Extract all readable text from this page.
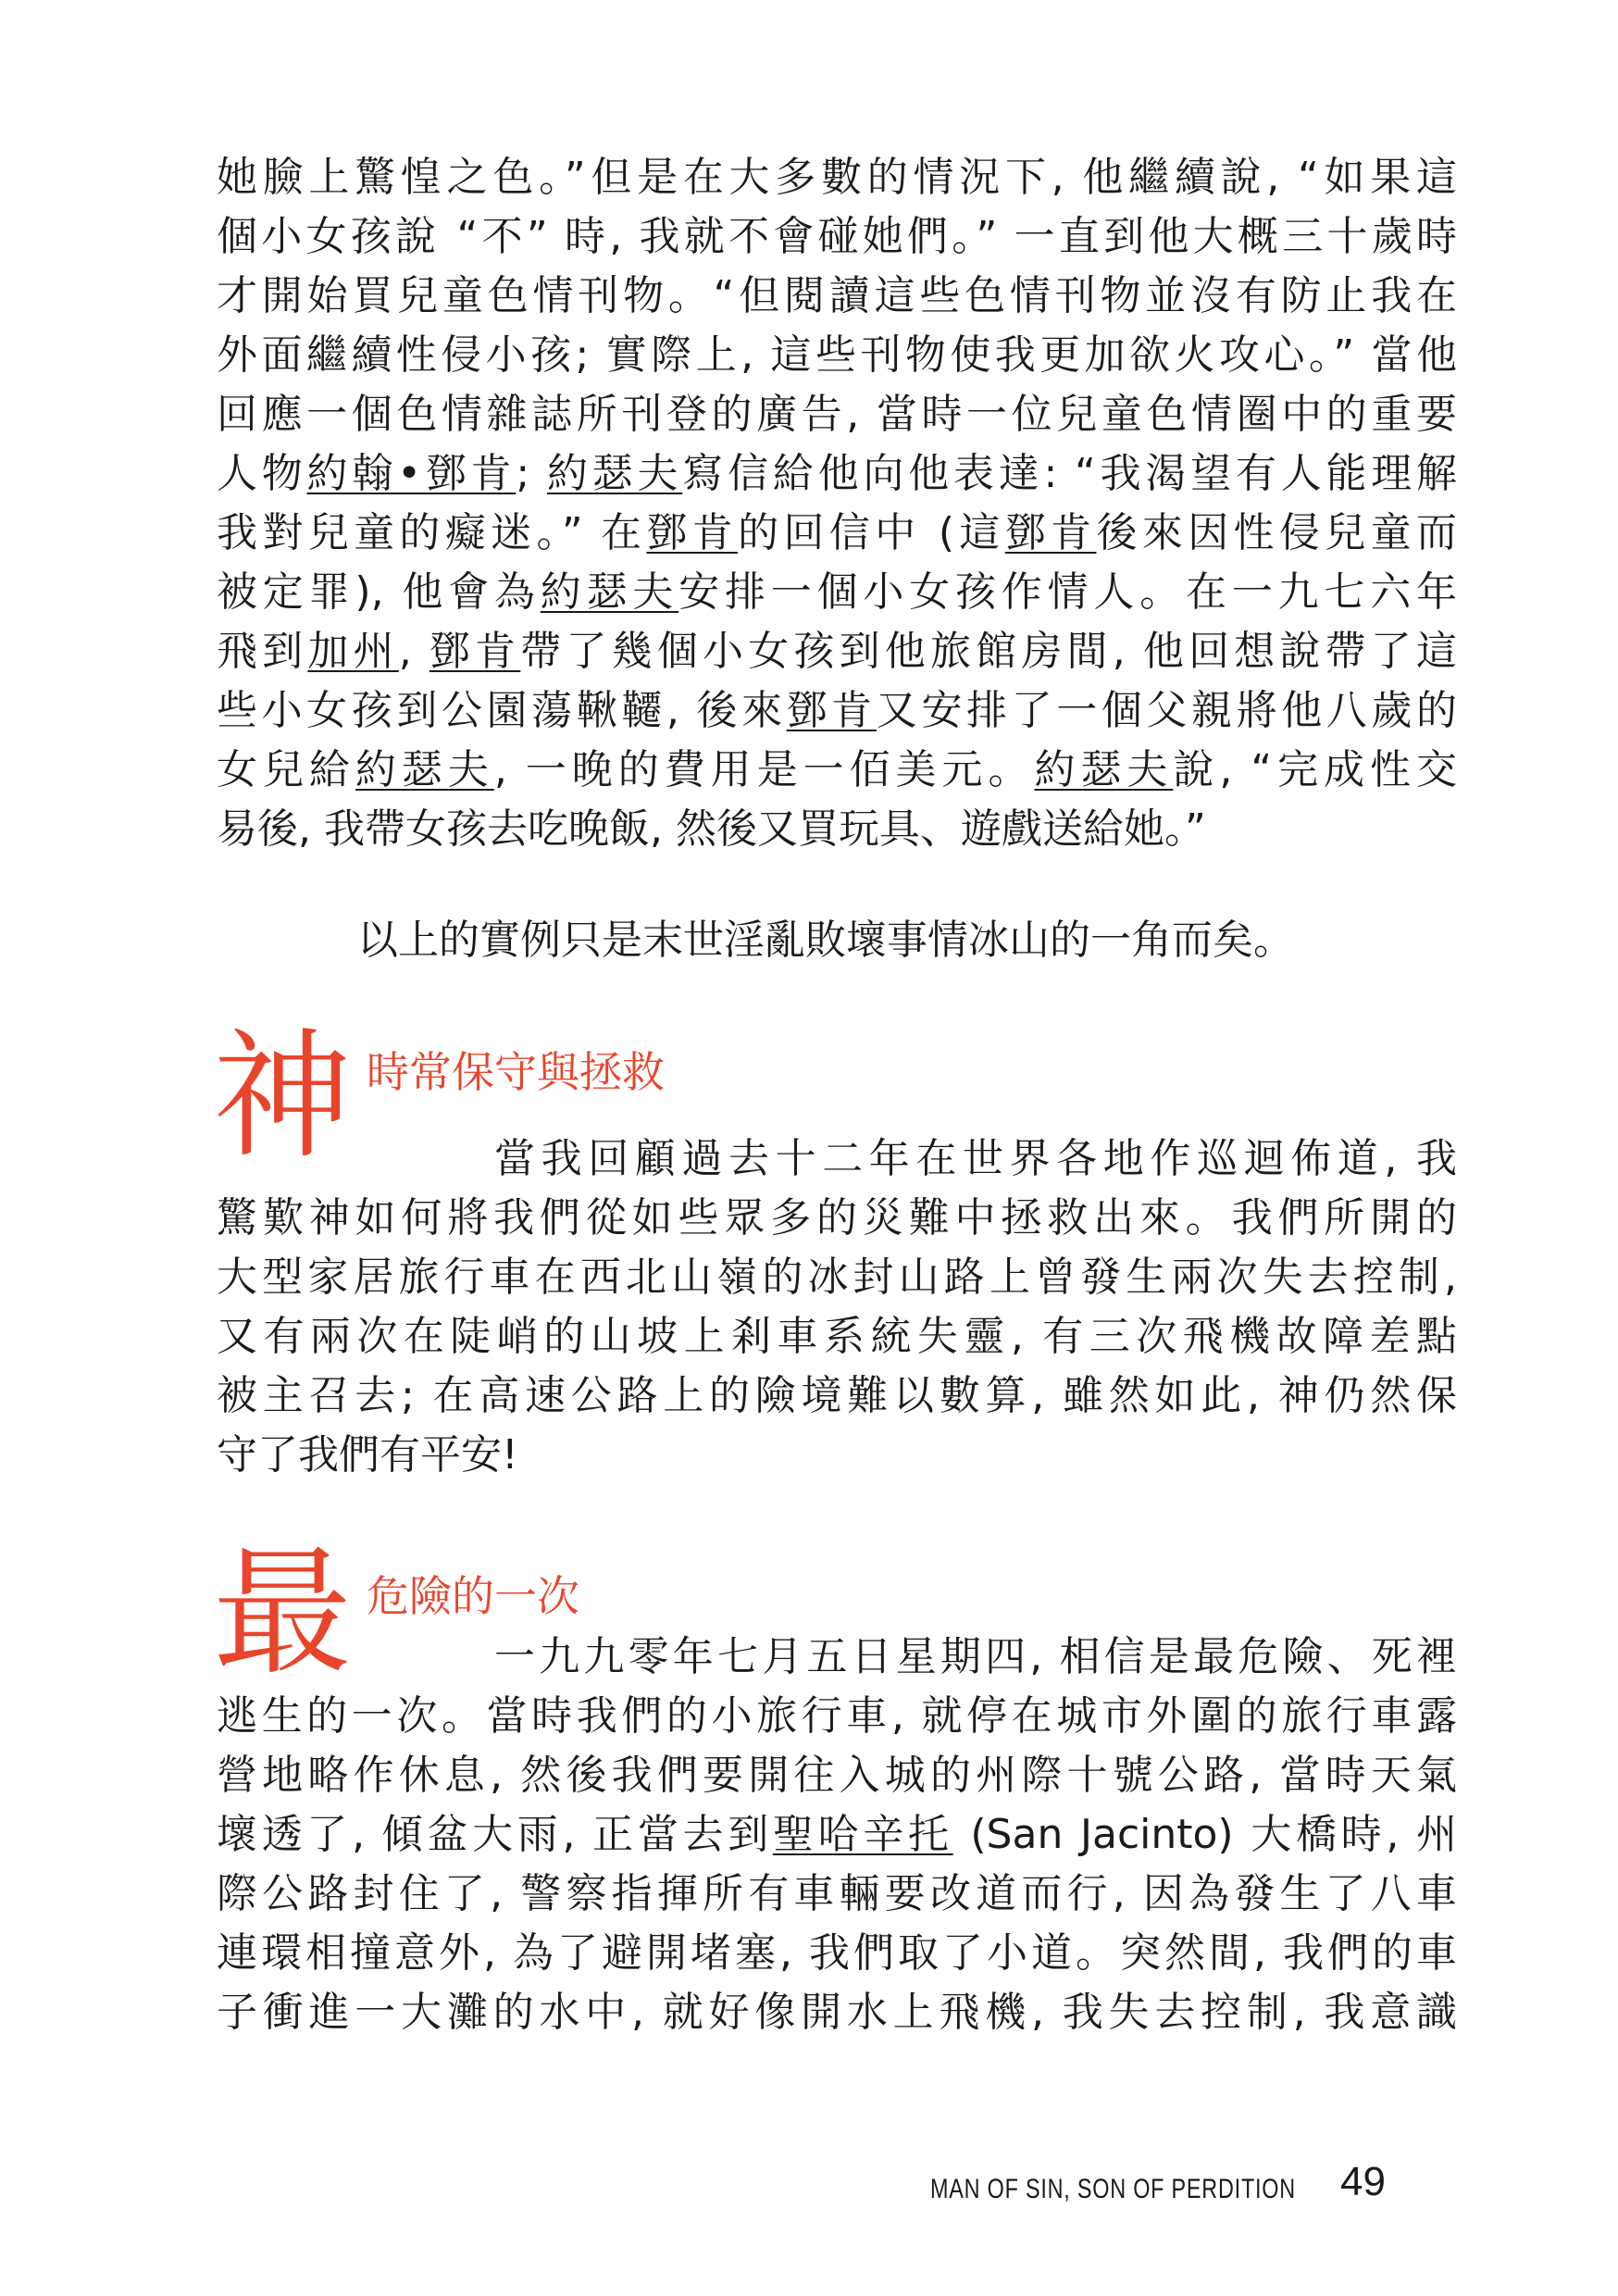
她臉上驚惶之色。”但是在大多數的情況下, 他繼續說, “如果這
個小女孩說 “不” 時, 我就不會碰她們。” 一直到他大概三十歲時
才開始買兒童色情刊物。“但閱讀這些色情刊物並沒有防止我在
外面繼續性侵小孩; 實際上, 這些刊物使我更加欲火攻心。” 當他
回應一個色情雜誌所刊登的廣告, 當時一位兒童色情圈中的重要
人物約翰•鄧肯; 約瑟夫寫信給他向他表達: “我渴望有人能理解
我對兒童的癡迷。” 在鄧肯的回信中 (這鄧肯後來因性侵兒童而
被定罪), 他會為約瑟夫安排一個小女孩作情人。在一九七六年
飛到加州, 鄧肯帶了幾個小女孩到他旅館房間, 他回想說帶了這
些小女孩到公園蕩鞦韆, 後來鄧肯又安排了一個父親將他八歲的
女兒給約瑟夫, 一晚的費用是一佰美元。約瑟夫說, “完成性交
易後, 我帶女孩去吃晚飯, 然後又買玩具、遊戲送給她。”
以上的實例只是末世淫亂敗壞事情冰山的一角而矣。
神 時常保守與拯救
當我回顧過去十二年在世界各地作巡迴佈道, 我
驚歎神如何將我們從如些眾多的災難中拯救出來。我們所開的
大型家居旅行車在西北山嶺的冰封山路上曾發生兩次失去控制,
又有兩次在陡峭的山坡上剎車系統失靈, 有三次飛機故障差點
被主召去; 在高速公路上的險境難以數算, 雖然如此, 神仍然保
守了我們有平安!
最 危險的一次
一九九零年七月五日星期四, 相信是最危險、死裡
逃生的一次。當時我們的小旅行車, 就停在城市外圍的旅行車露
營地略作休息, 然後我們要開往入城的州際十號公路, 當時天氣
壞透了, 傾盆大雨, 正當去到聖哈辛托 (San Jacinto) 大橋時, 州
際公路封住了, 警察指揮所有車輛要改道而行, 因為發生了八車
連環相撞意外, 為了避開堵塞, 我們取了小道。突然間, 我們的車
子衝進一大灘的水中, 就好像開水上飛機, 我失去控制, 我意識
MAN OF SIN, SON OF PERDITION 49
